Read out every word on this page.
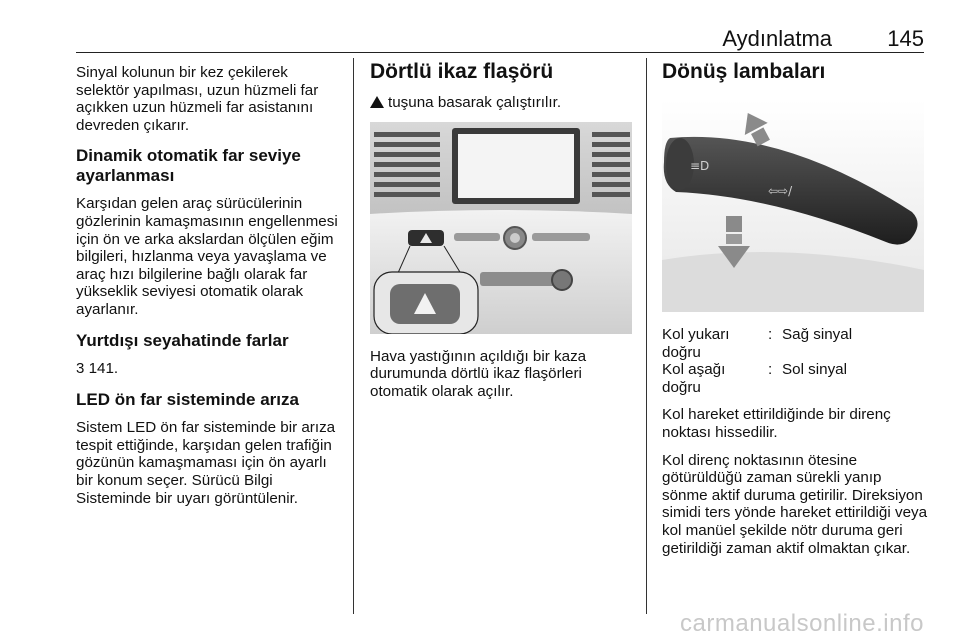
Aydınlatma	145

Sinyal kolunun bir kez çekilerek selektör yapılması, uzun hüzmeli far açıkken uzun hüzmeli far asistanını devreden çıkarır.

Dinamik otomatik far seviye ayarlanması

Karşıdan gelen araç sürücülerinin gözlerinin kamaşmasının engellenmesi için ön ve arka akslardan ölçülen eğim bilgileri, hızlanma veya yavaşlama ve araç hızı bilgilerine bağlı olarak far yükseklik seviyesi otomatik olarak ayarlanır.

Yurtdışı seyahatinde farlar

3 141.

LED ön far sisteminde arıza

Sistem LED ön far sisteminde bir arıza tespit ettiğinde, karşıdan gelen trafiğin gözünün kamaşmaması için ön ayarlı bir konum seçer. Sürücü Bilgi Sisteminde bir uyarı görüntülenir.

Dörtlü ikaz flaşörü

tuşuna basarak çalıştırılır.

Hava yastığının açıldığı bir kaza durumunda dörtlü ikaz flaşörleri otomatik olarak açılır.

Dönüş lambaları
≡D
⇦⇨/
Kol yukarı doğru
: Sağ sinyal
Kol aşağı doğru
: Sol sinyal

Kol hareket ettirildiğinde bir direnç noktası hissedilir.

Kol direnç noktasının ötesine götürüldüğü zaman sürekli yanıp sönme aktif duruma getirilir. Direksiyon simidi ters yönde hareket ettirildiği veya kol manüel şekilde nötr duruma geri getirildiği zaman aktif olmaktan çıkar.

carmanualsonline.info
